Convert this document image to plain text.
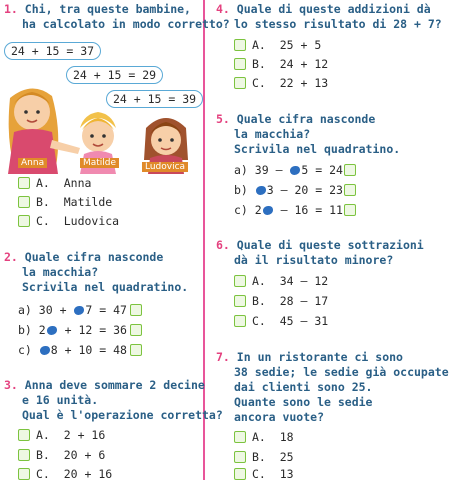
1. Chi, tra queste bambine,
ha calcolato in modo corretto?
24 + 15 = 37
24 + 15 = 29
24 + 15 = 39
Anna	Matilde	Ludovica
A.
Anna
B.
Matilde
C.
Ludovica
2. Quale cifra nasconde
la macchia?
Scrivila nel quadratino.
a)
30 + 7 = 47
b)
2 + 12 = 36
c)
8 + 10 = 48
3. Anna deve sommare 2 decine
e 16 unità.
Qual è l'operazione corretta?
A.
2 + 16
B.
20 + 6
C.
20 + 16
4. Quale di queste addizioni dà
lo stesso risultato di 28 + 7?
A.
25 + 5
B.
24 + 12
C.
22 + 13
5. Quale cifra nasconde
la macchia?
Scrivila nel quadratino.
a)
39 – 5 = 24
b)
3 – 20 = 23
c)
2 – 16 = 11
6. Quale di queste sottrazioni
dà il risultato minore?
A.
34 – 12
B.
28 – 17
C.
45 – 31
7. In un ristorante ci sono
38 sedie; le sedie già occupate
dai clienti sono 25.
Quante sono le sedie
ancora vuote?
A.
18
B.
25
C.
13
